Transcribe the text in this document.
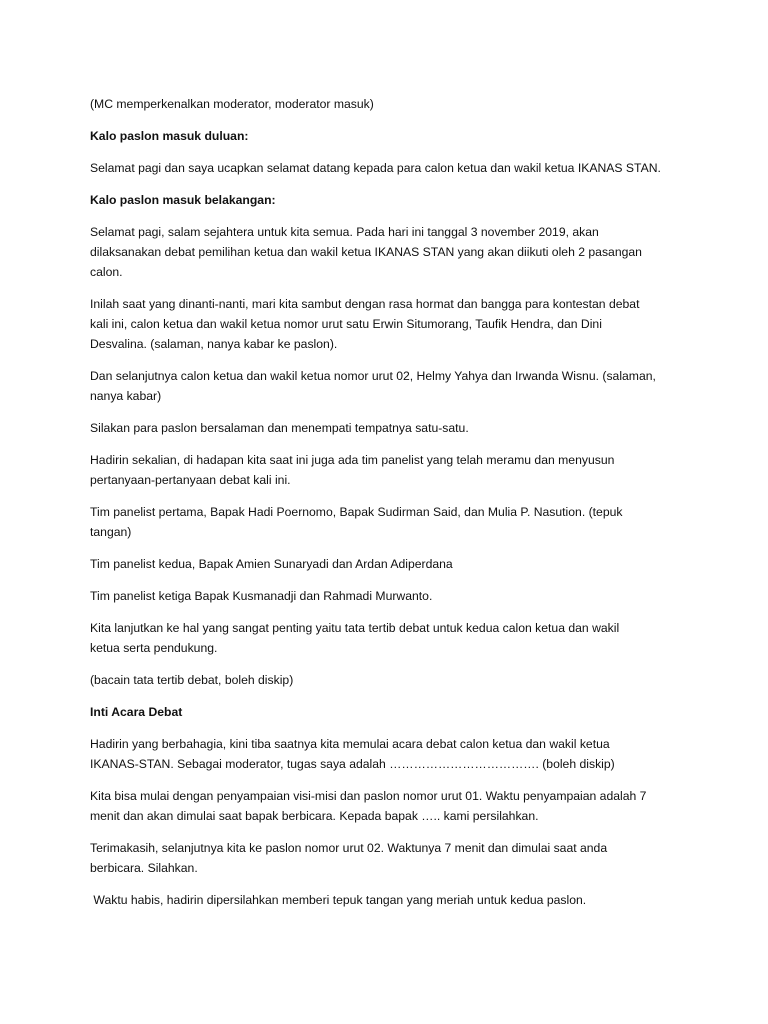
(MC memperkenalkan moderator, moderator masuk)

Kalo paslon masuk duluan:

Selamat pagi dan saya ucapkan selamat datang kepada para calon ketua dan wakil ketua IKANAS STAN.

Kalo paslon masuk belakangan:

Selamat pagi, salam sejahtera untuk kita semua. Pada hari ini tanggal 3 november 2019, akan
dilaksanakan debat pemilihan ketua dan wakil ketua IKANAS STAN yang akan diikuti oleh 2 pasangan
calon.

Inilah saat yang dinanti-nanti, mari kita sambut dengan rasa hormat dan bangga para kontestan debat
kali ini, calon ketua dan wakil ketua nomor urut satu Erwin Situmorang, Taufik Hendra, dan Dini
Desvalina. (salaman, nanya kabar ke paslon).

Dan selanjutnya calon ketua dan wakil ketua nomor urut 02, Helmy Yahya dan Irwanda Wisnu. (salaman,
nanya kabar)

Silakan para paslon bersalaman dan menempati tempatnya satu-satu.

Hadirin sekalian, di hadapan kita saat ini juga ada tim panelist yang telah meramu dan menyusun
pertanyaan-pertanyaan debat kali ini.

Tim panelist pertama, Bapak Hadi Poernomo, Bapak Sudirman Said, dan Mulia P. Nasution. (tepuk
tangan)

Tim panelist kedua, Bapak Amien Sunaryadi dan Ardan Adiperdana

Tim panelist ketiga Bapak Kusmanadji dan Rahmadi Murwanto.

Kita lanjutkan ke hal yang sangat penting yaitu tata tertib debat untuk kedua calon ketua dan wakil
ketua serta pendukung.

(bacain tata tertib debat, boleh diskip)

Inti Acara Debat

Hadirin yang berbahagia, kini tiba saatnya kita memulai acara debat calon ketua dan wakil ketua
IKANAS-STAN. Sebagai moderator, tugas saya adalah ………………………………. (boleh diskip)

Kita bisa mulai dengan penyampaian visi-misi dan paslon nomor urut 01. Waktu penyampaian adalah 7
menit dan akan dimulai saat bapak berbicara. Kepada bapak ….. kami persilahkan.

Terimakasih, selanjutnya kita ke paslon nomor urut 02. Waktunya 7 menit dan dimulai saat anda
berbicara. Silahkan.

Waktu habis, hadirin dipersilahkan memberi tepuk tangan yang meriah untuk kedua paslon.
